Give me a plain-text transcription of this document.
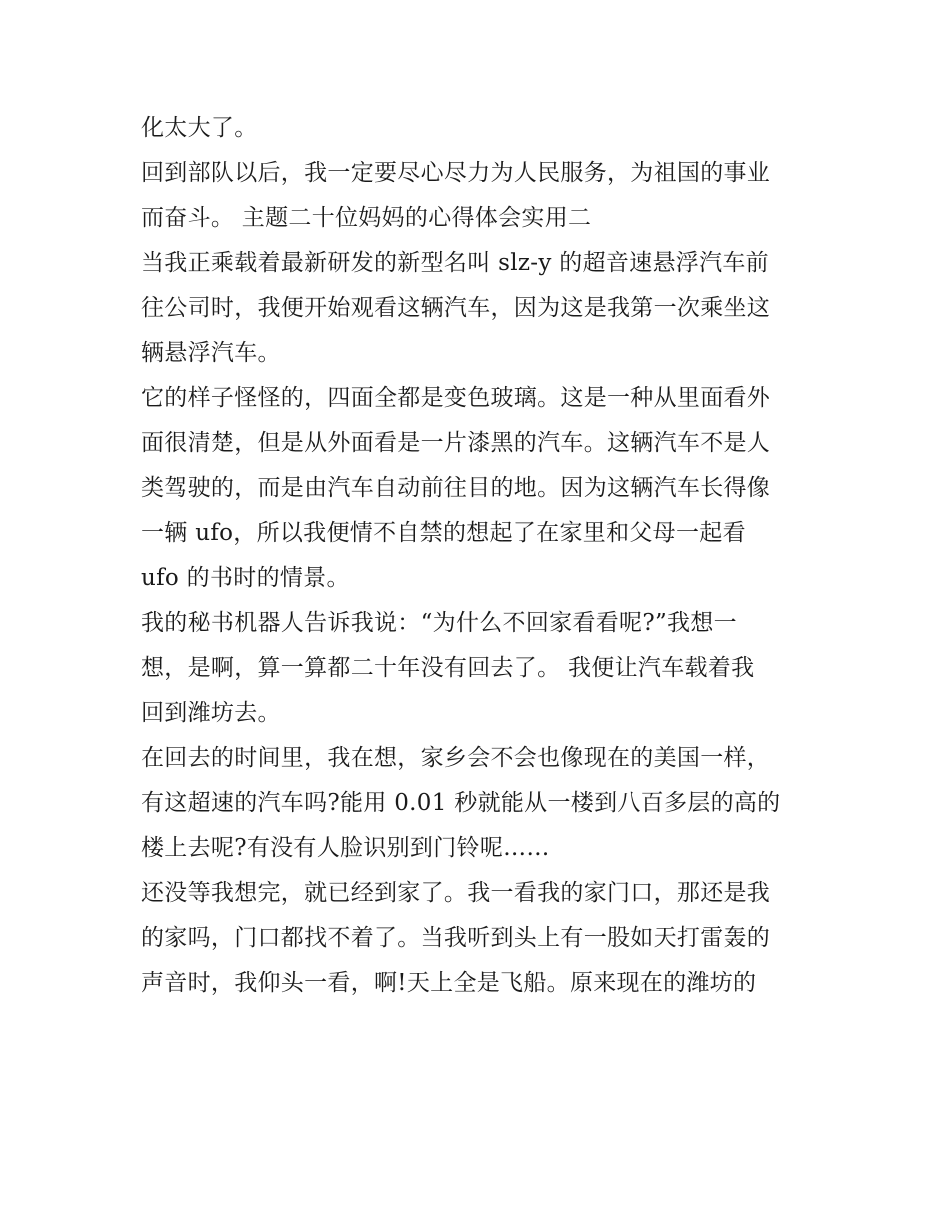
化太大了。
回到部队以后，我一定要尽心尽力为人民服务，为祖国的事业
而奋斗。 主题二十位妈妈的心得体会实用二
当我正乘载着最新研发的新型名叫 slz-y 的超音速悬浮汽车前
往公司时，我便开始观看这辆汽车，因为这是我第一次乘坐这
辆悬浮汽车。
它的样子怪怪的，四面全都是变色玻璃。这是一种从里面看外
面很清楚，但是从外面看是一片漆黑的汽车。这辆汽车不是人
类驾驶的，而是由汽车自动前往目的地。因为这辆汽车长得像
一辆 ufo，所以我便情不自禁的想起了在家里和父母一起看
ufo 的书时的情景。
我的秘书机器人告诉我说：“为什么不回家看看呢?”我想一
想，是啊，算一算都二十年没有回去了。 我便让汽车载着我
回到潍坊去。
在回去的时间里，我在想，家乡会不会也像现在的美国一样，
有这超速的汽车吗?能用 0.01 秒就能从一楼到八百多层的高的
楼上去呢?有没有人脸识别到门铃呢……
还没等我想完，就已经到家了。我一看我的家门口，那还是我
的家吗，门口都找不着了。当我听到头上有一股如天打雷轰的
声音时，我仰头一看，啊!天上全是飞船。原来现在的潍坊的
